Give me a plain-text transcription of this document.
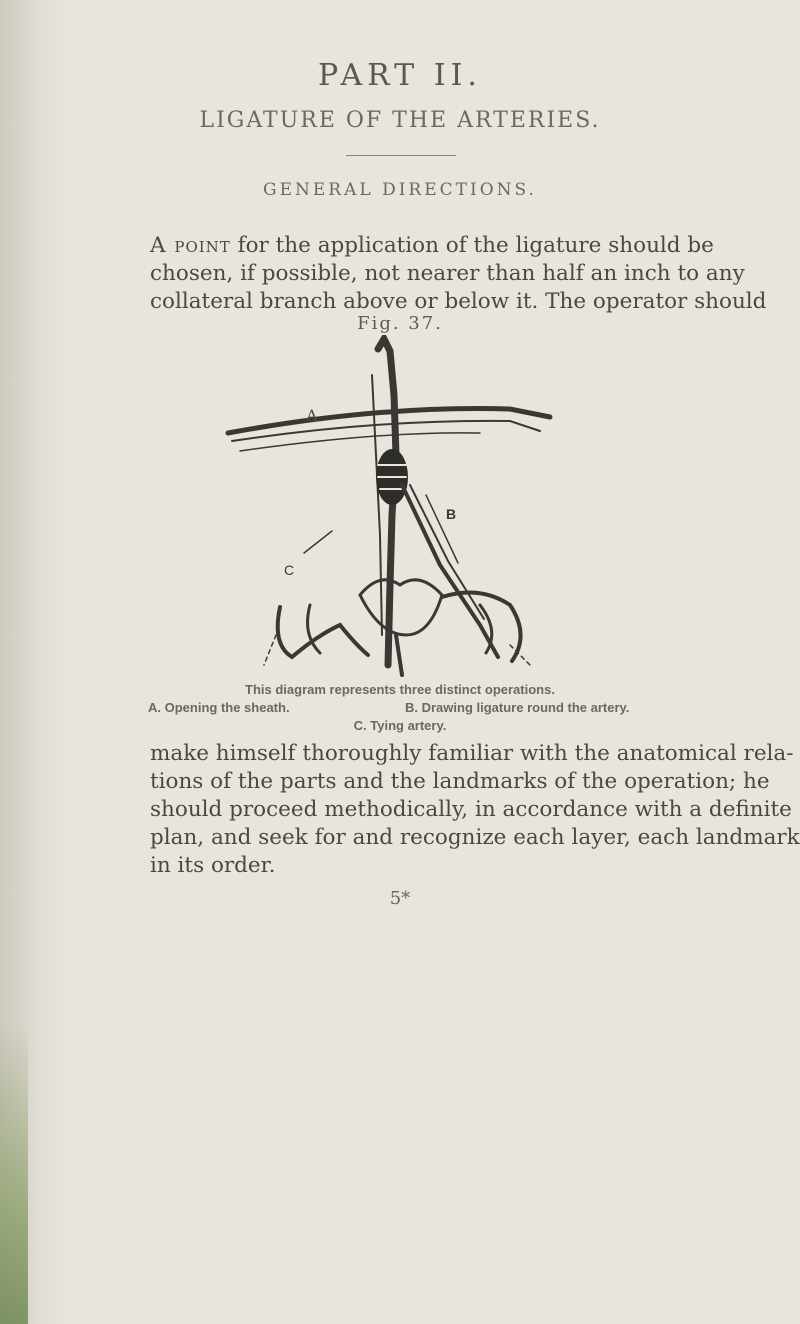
PART II.
LIGATURE OF THE ARTERIES.
GENERAL DIRECTIONS.
A point for the application of the ligature should be
chosen, if possible, not nearer than half an inch to any
collateral branch above or below it. The operator should
Fig. 37.
A
B
C
This diagram represents three distinct operations.
A. Opening the sheath.	B. Drawing ligature round the artery.
C. Tying artery.
make himself thoroughly familiar with the anatomical rela-
tions of the parts and the landmarks of the operation; he
should proceed methodically, in accordance with a definite
plan, and seek for and recognize each layer, each landmark
in its order.
5*
